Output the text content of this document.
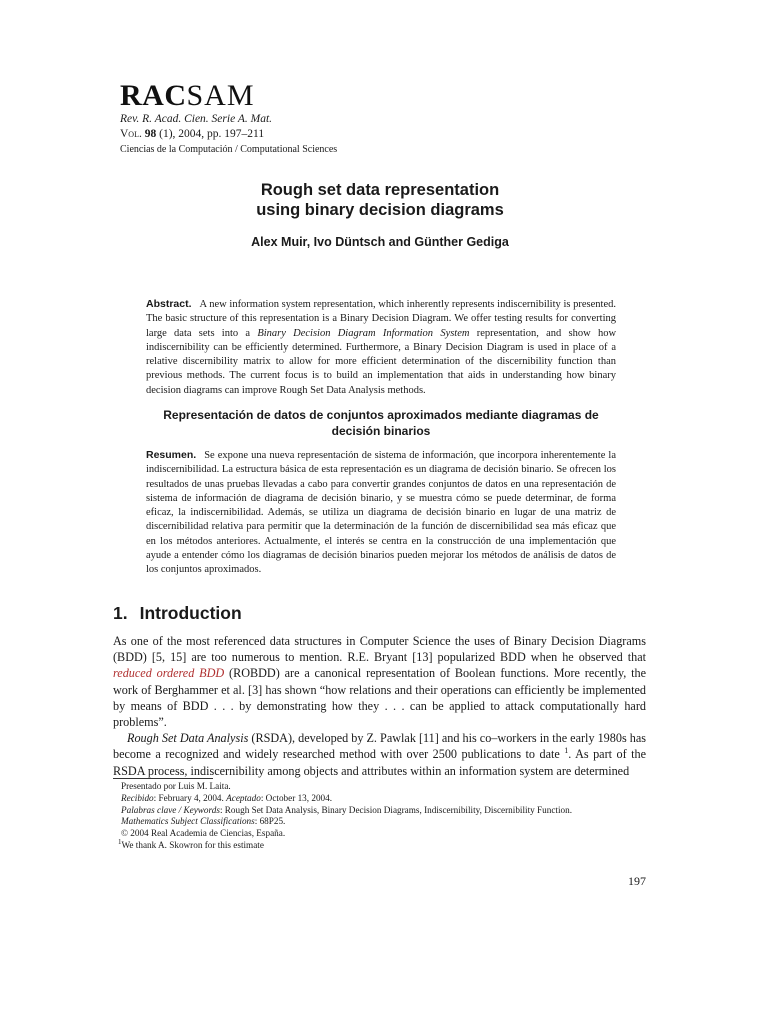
RACSAM
Rev. R. Acad. Cien. Serie A. Mat.
Vol. 98 (1), 2004, pp. 197–211
Ciencias de la Computación / Computational Sciences
Rough set data representation
using binary decision diagrams
Alex Muir, Ivo Düntsch and Günther Gediga
Abstract. A new information system representation, which inherently represents indiscernibility is presented. The basic structure of this representation is a Binary Decision Diagram. We offer testing results for converting large data sets into a Binary Decision Diagram Information System representation, and show how indiscernibility can be efficiently determined. Furthermore, a Binary Decision Diagram is used in place of a relative discernibility matrix to allow for more efficient determination of the discernibility function than previous methods. The current focus is to build an implementation that aids in understanding how binary decision diagrams can improve Rough Set Data Analysis methods.
Representación de datos de conjuntos aproximados mediante diagramas de decisión binarios
Resumen. Se expone una nueva representación de sistema de información, que incorpora inherentemente la indiscernibilidad. La estructura básica de esta representación es un diagrama de decisión binario. Se ofrecen los resultados de unas pruebas llevadas a cabo para convertir grandes conjuntos de datos en una representación de sistema de información de diagrama de decisión binario, y se muestra cómo se puede determinar, de forma eficaz, la indiscernibilidad. Además, se utiliza un diagrama de decisión binario en lugar de una matriz de discernibilidad relativa para permitir que la determinación de la función de discernibilidad sea más eficaz que en los métodos anteriores. Actualmente, el interés se centra en la construcción de una implementación que ayude a entender cómo los diagramas de decisión binarios pueden mejorar los métodos de análisis de datos de los conjuntos aproximados.
1. Introduction

As one of the most referenced data structures in Computer Science the uses of Binary Decision Diagrams (BDD) [5, 15] are too numerous to mention. R.E. Bryant [13] popularized BDD when he observed that reduced ordered BDD (ROBDD) are a canonical representation of Boolean functions. More recently, the work of Berghammer et al. [3] has shown “how relations and their operations can efficiently be implemented by means of BDD . . . by demonstrating how they . . . can be applied to attack computationally hard problems”.

Rough Set Data Analysis (RSDA), developed by Z. Pawlak [11] and his co–workers in the early 1980s has become a recognized and widely researched method with over 2500 publications to date $^1$. As part of the RSDA process, indiscernibility among objects and attributes within an information system are determined

Presentado por Luis M. Laita.
Recibido: February 4, 2004. Aceptado: October 13, 2004.
Palabras clave / Keywords: Rough Set Data Analysis, Binary Decision Diagrams, Indiscernibility, Discernibility Function.
Mathematics Subject Classifications: 68P25.
© 2004 Real Academia de Ciencias, España.
$^1$We thank A. Skowron for this estimate
197
